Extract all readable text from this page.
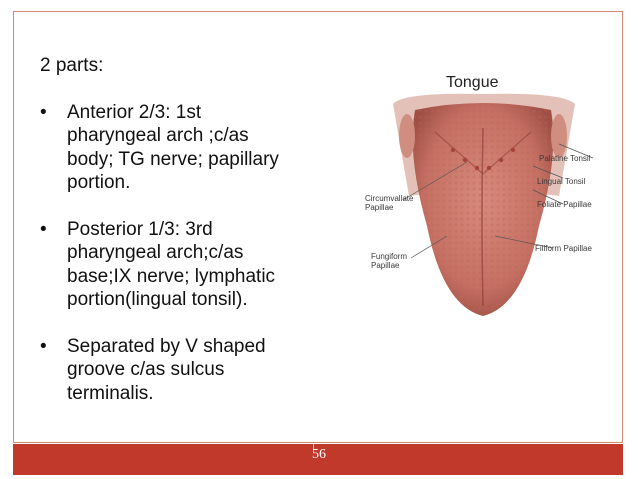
2 parts:
• Anterior 2/3: 1st
pharyngeal arch ;c/as
body; TG nerve; papillary
portion.
• Posterior 1/3: 3rd
pharyngeal arch;c/as
base;IX nerve; lymphatic
portion(lingual tonsil).
• Separated by V shaped
groove c/as sulcus
terminalis.
Tongue
Palatine Tonsil
Lingual Tonsil
Circumvallate
Papillae	Foliate Papillae
Filiform Papillae
Fungiform
Papillae
56
